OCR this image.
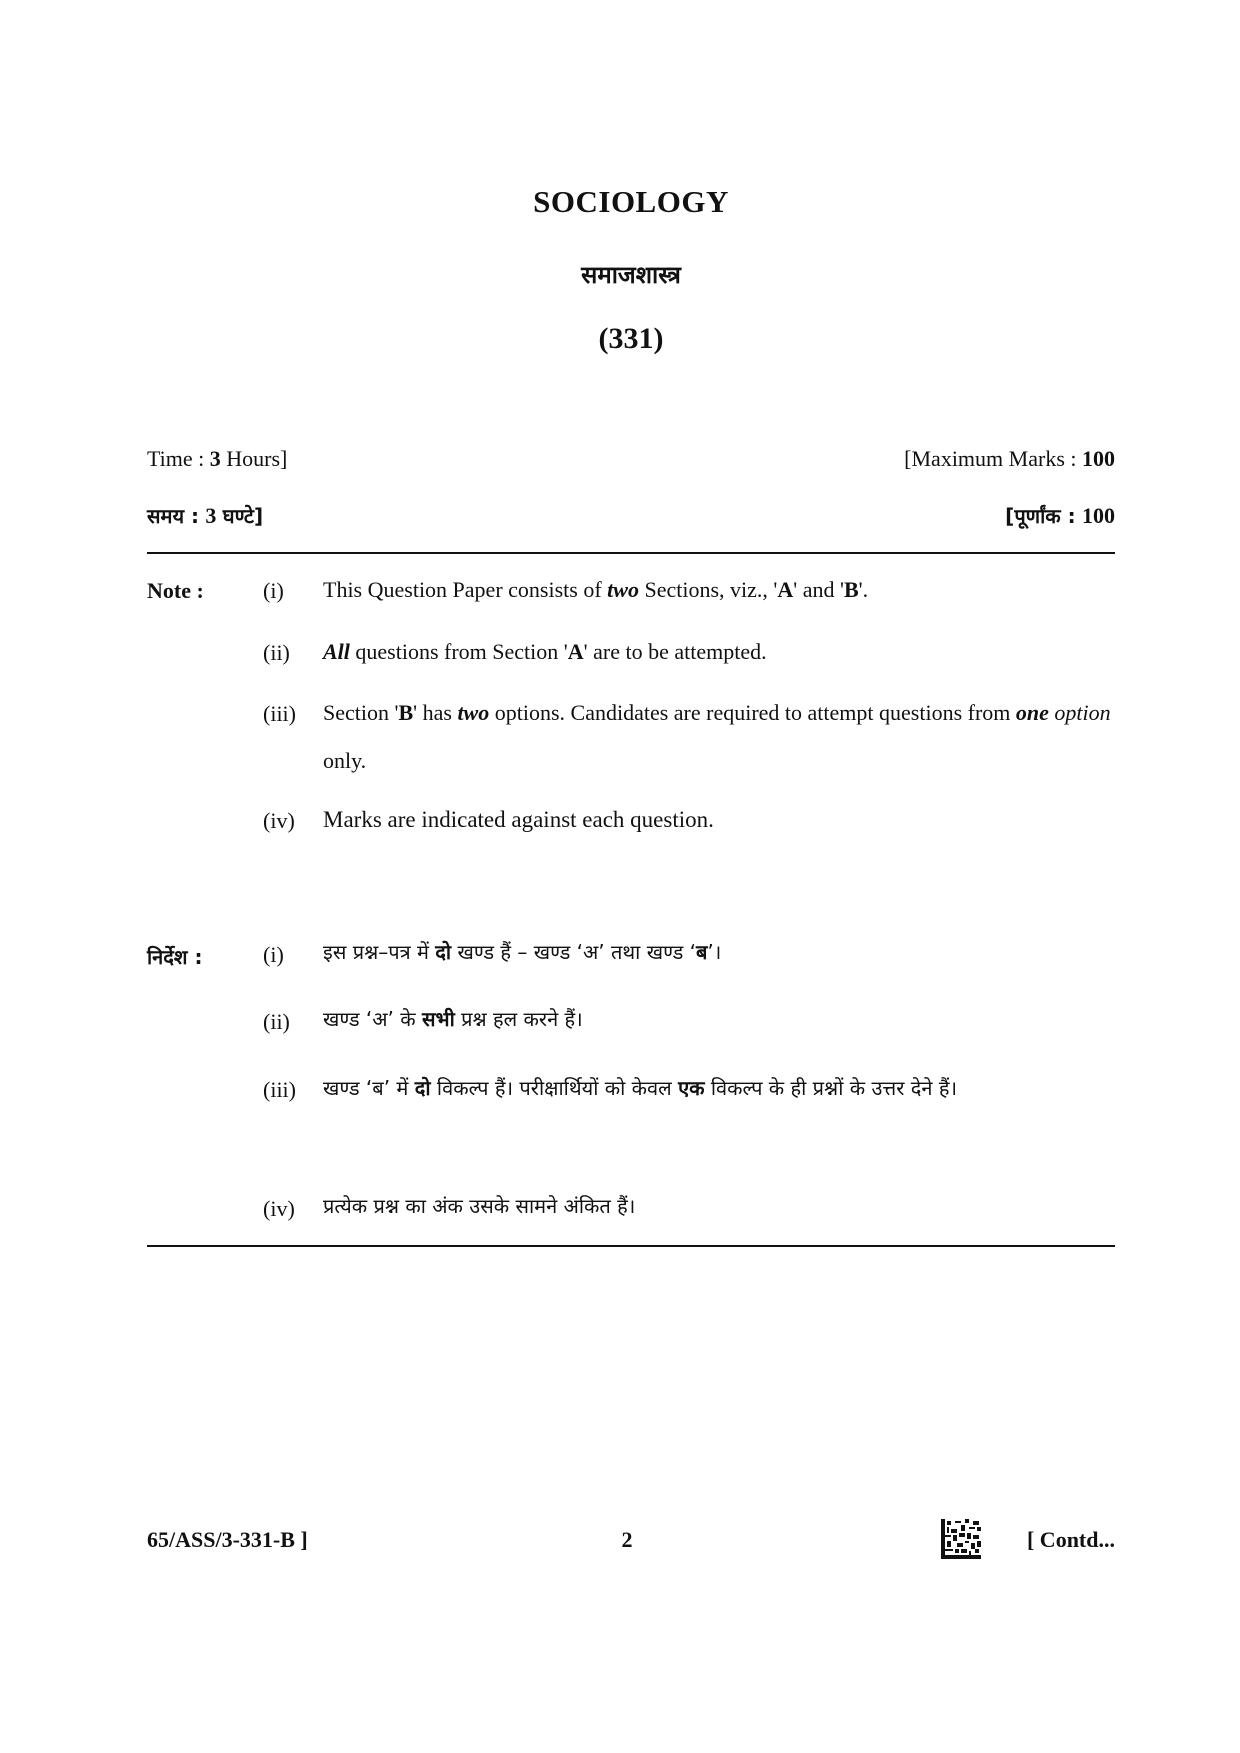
SOCIOLOGY
समाजशास्त्र
(331)
Time : 3 Hours]	[Maximum Marks : 100
समय : 3 घण्टे]	[पूर्णांक : 100
Note :	(i) This Question Paper consists of two Sections, viz., 'A' and 'B'.
(ii) All questions from Section 'A' are to be attempted.
(iii) Section 'B' has two options. Candidates are required to attempt questions from one option only.
(iv) Marks are indicated against each question.
निर्देश :	(i) इस प्रश्न–पत्र में दो खण्ड हैं – खण्ड ‘अ’ तथा खण्ड ‘ब’।
(ii) खण्ड ‘अ’ के सभी प्रश्न हल करने हैं।
(iii) खण्ड ‘ब’ में दो विकल्प हैं। परीक्षार्थियों को केवल एक विकल्प के ही प्रश्नों के उत्तर देने हैं।
(iv) प्रत्येक प्रश्न का अंक उसके सामने अंकित हैं।
65/ASS/3-331-B ]	2	[ Contd...
